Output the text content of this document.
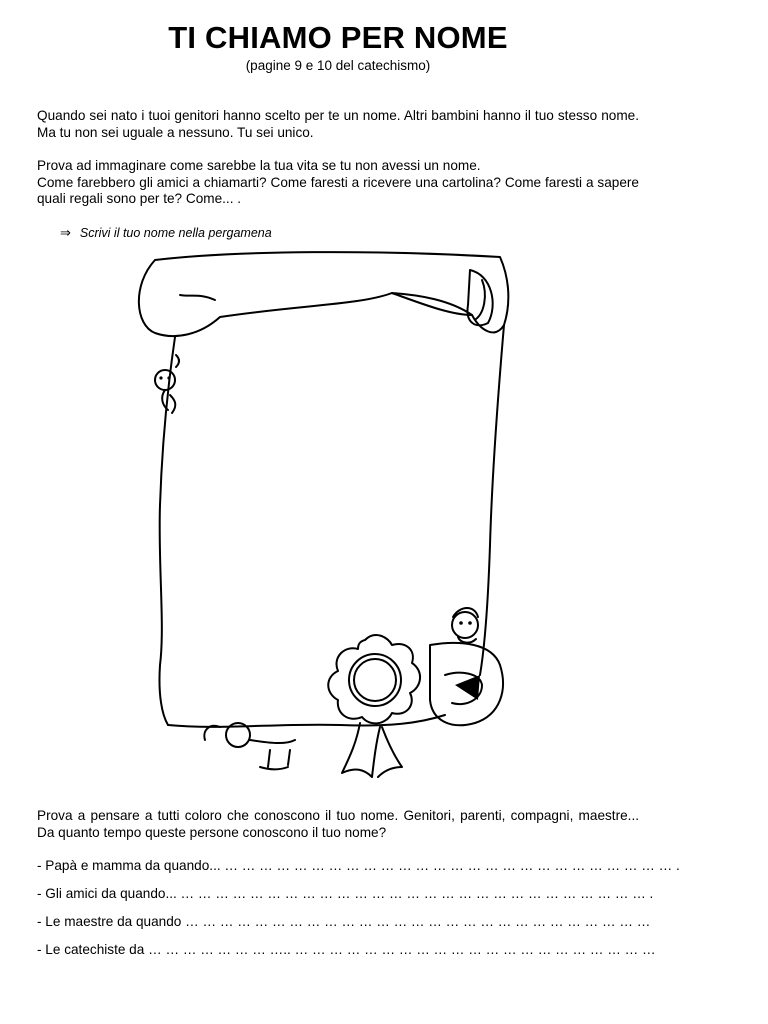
TI CHIAMO PER NOME
(pagine 9 e 10 del catechismo)
Quando sei nato i tuoi genitori hanno scelto per te un nome. Altri bambini hanno il tuo stesso nome. Ma tu non sei uguale a nessuno. Tu sei unico.
Prova ad immaginare come sarebbe la tua vita se tu non avessi un nome.
Come farebbero gli amici a chiamarti? Come faresti a ricevere una cartolina? Come faresti a sapere quali regali sono per te? Come... .
⇒ Scrivi il tuo nome nella pergamena
Prova a pensare a tutti coloro che conoscono il tuo nome. Genitori, parenti, compagni, maestre... Da quanto tempo queste persone conoscono il tuo nome?
- Papà e mamma da quando... … … … … … … … … … … … … … … … … … … … … … … … … … … .
- Gli amici da quando... … … … … … … … … … … … … … … … … … … … … … … … … … … … .
- Le maestre da quando … … … … … … … … … … … … … … … … … … … … … … … … … … …
- Le catechiste da … … … … … … … ….. … … … … … … … … … … … … … … … … … … … … …
